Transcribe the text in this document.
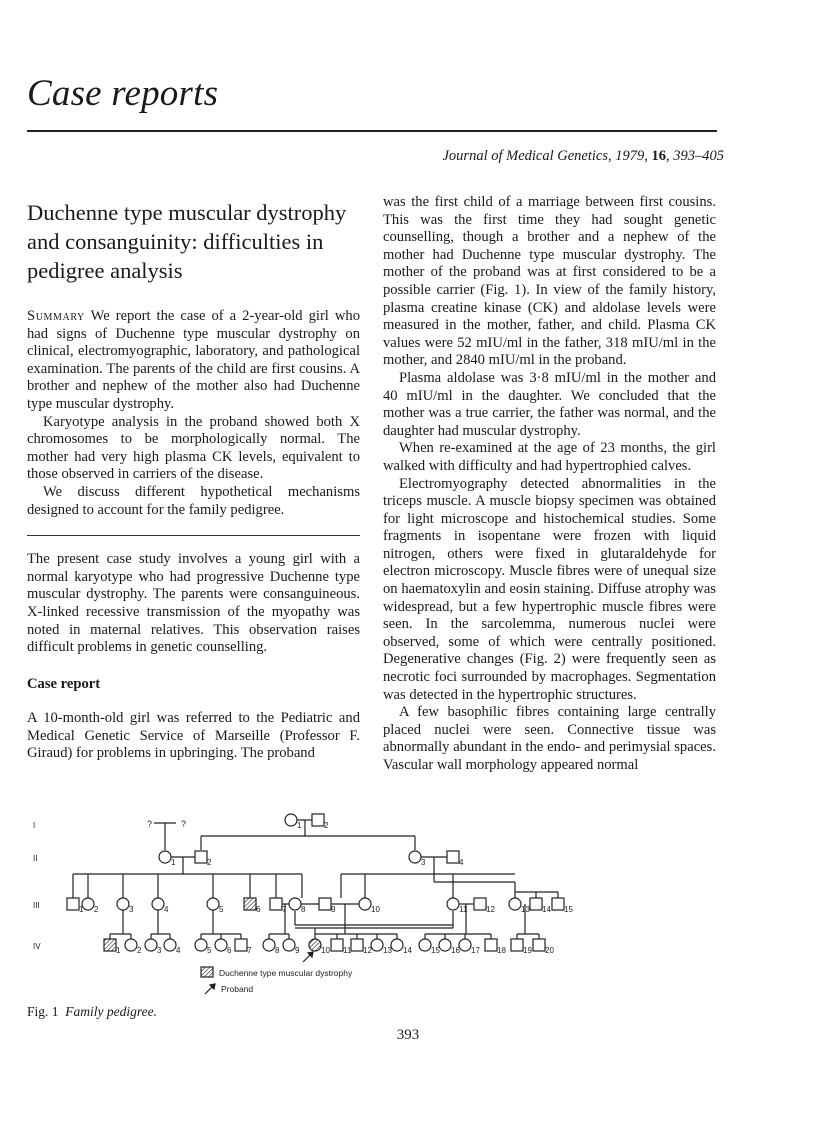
Case reports
Journal of Medical Genetics, 1979, 16, 393–405
Duchenne type muscular dystrophy and consanguinity: difficulties in pedigree analysis

Summary We report the case of a 2-year-old girl who had signs of Duchenne type muscular dystrophy on clinical, electromyographic, laboratory, and pathological examination. The parents of the child are first cousins. A brother and nephew of the mother also had Duchenne type muscular dystrophy.

Karyotype analysis in the proband showed both X chromosomes to be morphologically normal. The mother had very high plasma CK levels, equivalent to those observed in carriers of the disease.

We discuss different hypothetical mechanisms designed to account for the family pedigree.

The present case study involves a young girl with a normal karyotype who had progressive Duchenne type muscular dystrophy. The parents were consanguineous. X-linked recessive transmission of the myopathy was noted in maternal relatives. This observation raises difficult problems in genetic counselling.

Case report

A 10-month-old girl was referred to the Pediatric and Medical Genetic Service of Marseille (Professor F. Giraud) for problems in upbringing. The proband

was the first child of a marriage between first cousins. This was the first time they had sought genetic counselling, though a brother and a nephew of the mother had Duchenne type muscular dystrophy. The mother of the proband was at first considered to be a possible carrier (Fig. 1). In view of the family history, plasma creatine kinase (CK) and aldolase levels were measured in the mother, father, and child. Plasma CK values were 52 mIU/ml in the father, 318 mIU/ml in the mother, and 2840 mIU/ml in the proband.

Plasma aldolase was 3·8 mIU/ml in the mother and 40 mIU/ml in the daughter. We concluded that the mother was a true carrier, the father was normal, and the daughter had muscular dystrophy.

When re-examined at the age of 23 months, the girl walked with difficulty and had hypertrophied calves.

Electromyography detected abnormalities in the triceps muscle. A muscle biopsy specimen was obtained for light microscope and histochemical studies. Some fragments in isopentane were frozen with liquid nitrogen, others were fixed in glutaraldehyde for electron microscopy. Muscle fibres were of unequal size on haematoxylin and eosin staining. Diffuse atrophy was widespread, but a few hypertrophic muscle fibres were seen. In the sarcolemma, numerous nuclei were observed, some of which were centrally positioned. Degenerative changes (Fig. 2) were frequently seen as necrotic foci surrounded by macrophages. Segmentation was detected in the hypertrophic structures.

A few basophilic fibres containing large centrally placed nuclei were seen. Connective tissue was abnormally abundant in the endo- and perimysial spaces. Vascular wall morphology appeared normal

I
II
III
IV
?	?	1	2
1	2	3	4
1 2	3	4	5	6	7 8	9	10	11 12	13 14 15
1 2 3 4	5 6 7	8 9	10 11 12 13 14 15 16 17 18 19 20
Duchenne type muscular dystrophy
Proband
Fig. 1 Family pedigree.
393
